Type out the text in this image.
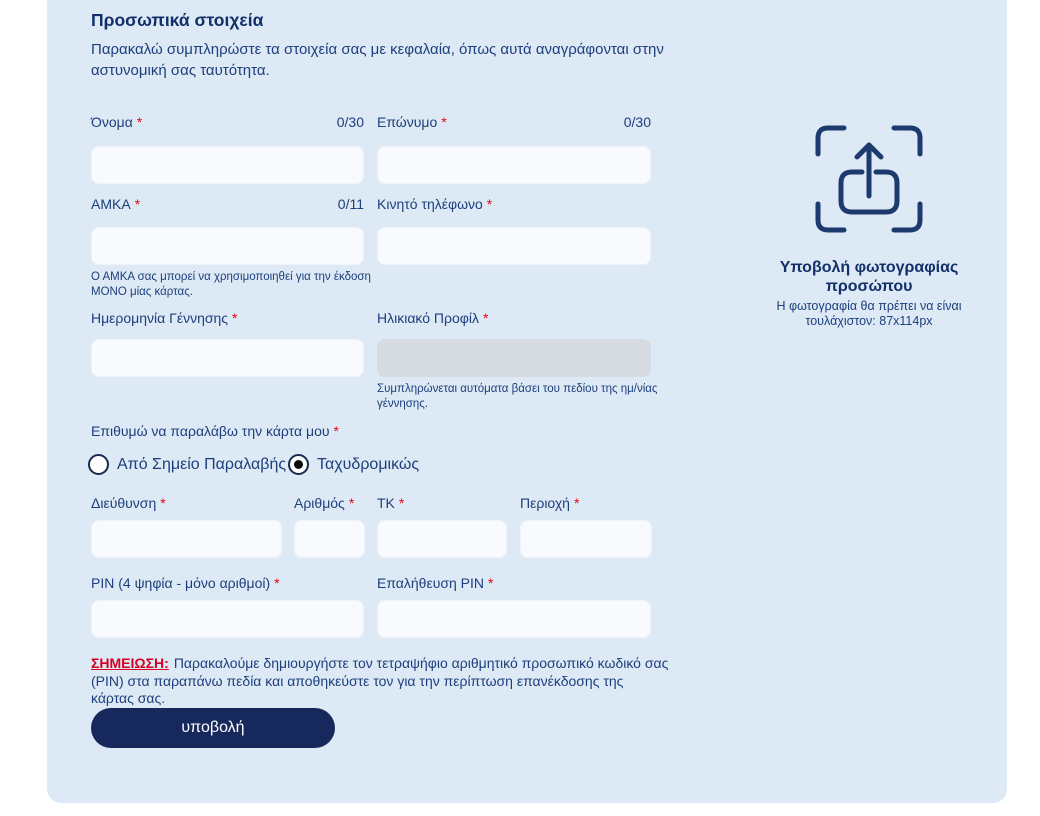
Προσωπικά στοιχεία
Παρακαλώ συμπληρώστε τα στοιχεία σας με κεφαλαία, όπως αυτά αναγράφονται στην αστυνομική σας ταυτότητα.
Όνομα *	0/30 Επώνυμο *	0/30
ΑΜΚΑ *	0/11 Κινητό τηλέφωνο *
Ο ΑΜΚΑ σας μπορεί να χρησιμοποιηθεί για την έκδοση ΜΟΝΟ μίας κάρτας.
Ημερομηνία Γέννησης *	Ηλικιακό Προφίλ *
Συμπληρώνεται αυτόματα βάσει του πεδίου της ημ/νίας γέννησης.
Επιθυμώ να παραλάβω την κάρτα μου *
Από Σημείο Παραλαβής Ταχυδρομικώς
Διεύθυνση *	Αριθμός * ΤΚ *	Περιοχή *
PIN (4 ψηφία - μόνο αριθμοί) *	Επαλήθευση PIN *
ΣΗΜΕΙΩΣΗ: Παρακαλούμε δημιουργήστε τον τετραψήφιο αριθμητικό προσωπικό κωδικό σας (PIN) στα παραπάνω πεδία και αποθηκεύστε τον για την περίπτωση επανέκδοσης της κάρτας σας.
υποβολή
Υποβολή φωτογραφίας προσώπου
Η φωτογραφία θα πρέπει να είναι τουλάχιστον: 87x114px
